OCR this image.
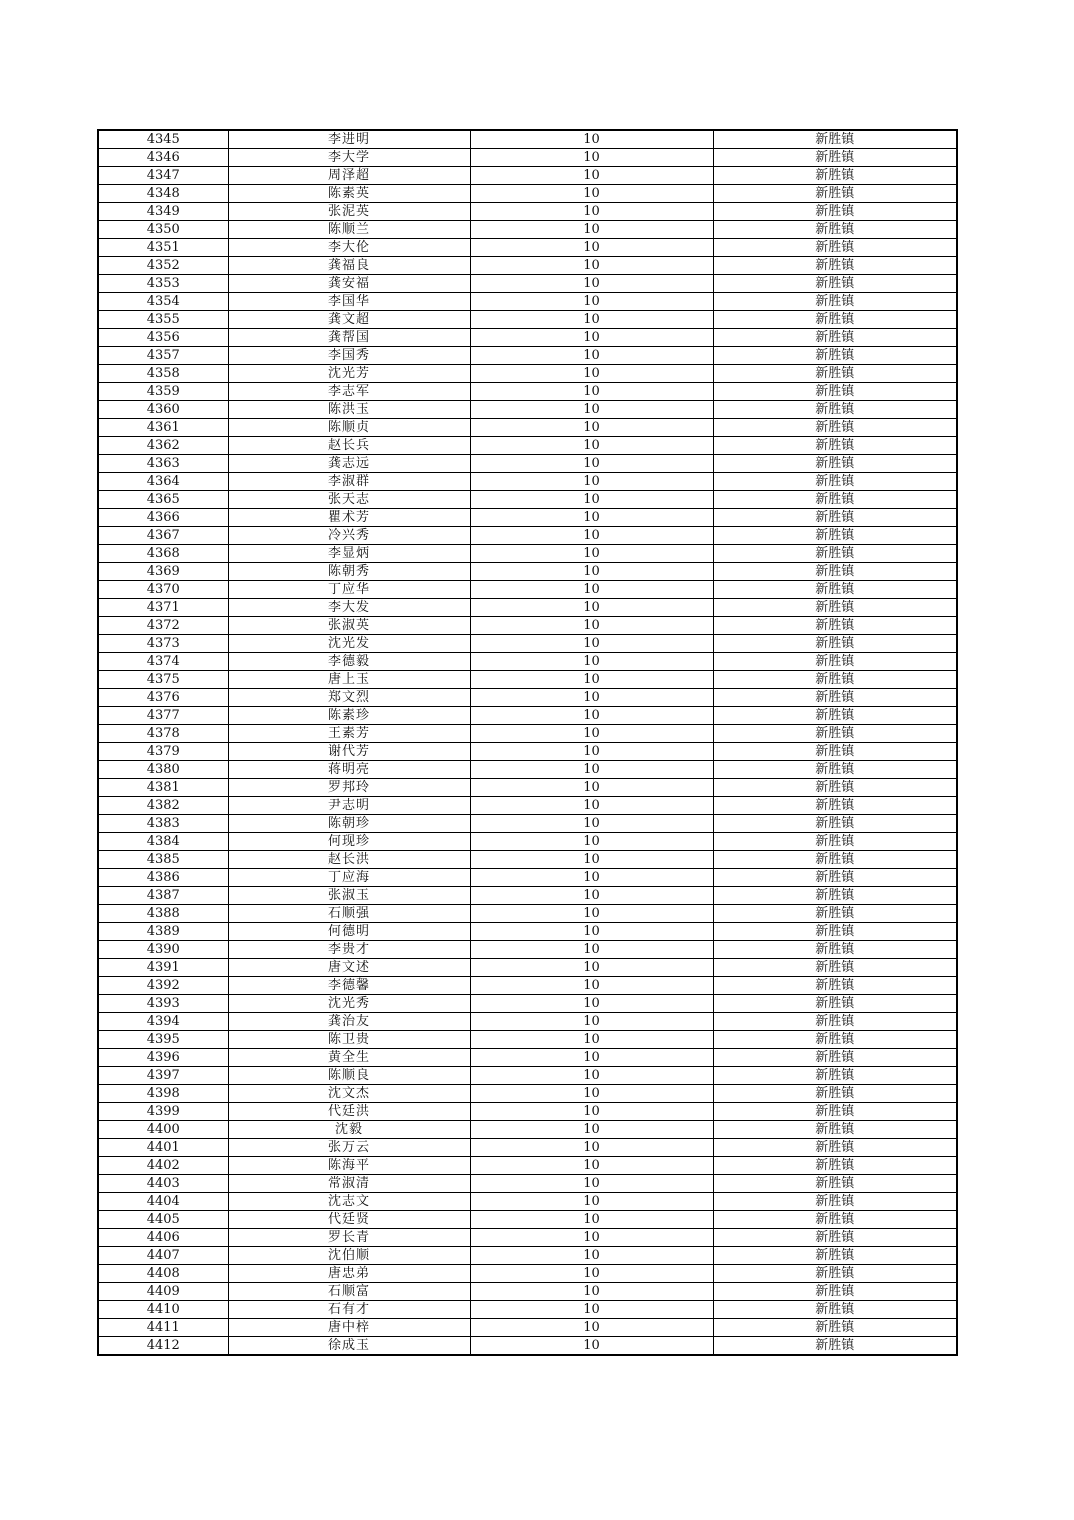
4345	李进明	10	新胜镇
4346	李大学	10	新胜镇
4347	周泽超	10	新胜镇
4348	陈素英	10	新胜镇
4349	张泥英	10	新胜镇
4350	陈顺兰	10	新胜镇
4351	李大伦	10	新胜镇
4352	龚福良	10	新胜镇
4353	龚安福	10	新胜镇
4354	李国华	10	新胜镇
4355	龚文超	10	新胜镇
4356	龚帮国	10	新胜镇
4357	李国秀	10	新胜镇
4358	沈光芳	10	新胜镇
4359	李志军	10	新胜镇
4360	陈洪玉	10	新胜镇
4361	陈顺贞	10	新胜镇
4362	赵长兵	10	新胜镇
4363	龚志远	10	新胜镇
4364	李淑群	10	新胜镇
4365	张天志	10	新胜镇
4366	瞿术芳	10	新胜镇
4367	冷兴秀	10	新胜镇
4368	李显炳	10	新胜镇
4369	陈朝秀	10	新胜镇
4370	丁应华	10	新胜镇
4371	李大发	10	新胜镇
4372	张淑英	10	新胜镇
4373	沈光发	10	新胜镇
4374	李德毅	10	新胜镇
4375	唐上玉	10	新胜镇
4376	郑文烈	10	新胜镇
4377	陈素珍	10	新胜镇
4378	王素芳	10	新胜镇
4379	谢代芳	10	新胜镇
4380	蒋明亮	10	新胜镇
4381	罗邦玲	10	新胜镇
4382	尹志明	10	新胜镇
4383	陈朝珍	10	新胜镇
4384	何现珍	10	新胜镇
4385	赵长洪	10	新胜镇
4386	丁应海	10	新胜镇
4387	张淑玉	10	新胜镇
4388	石顺强	10	新胜镇
4389	何德明	10	新胜镇
4390	李贵才	10	新胜镇
4391	唐文述	10	新胜镇
4392	李德馨	10	新胜镇
4393	沈光秀	10	新胜镇
4394	龚治友	10	新胜镇
4395	陈卫贵	10	新胜镇
4396	黄全生	10	新胜镇
4397	陈顺良	10	新胜镇
4398	沈文杰	10	新胜镇
4399	代廷洪	10	新胜镇
4400	沈毅	10	新胜镇
4401	张万云	10	新胜镇
4402	陈海平	10	新胜镇
4403	常淑清	10	新胜镇
4404	沈志文	10	新胜镇
4405	代廷贤	10	新胜镇
4406	罗长青	10	新胜镇
4407	沈伯顺	10	新胜镇
4408	唐忠弟	10	新胜镇
4409	石顺富	10	新胜镇
4410	石有才	10	新胜镇
4411	唐中梓	10	新胜镇
4412	徐成玉	10	新胜镇
